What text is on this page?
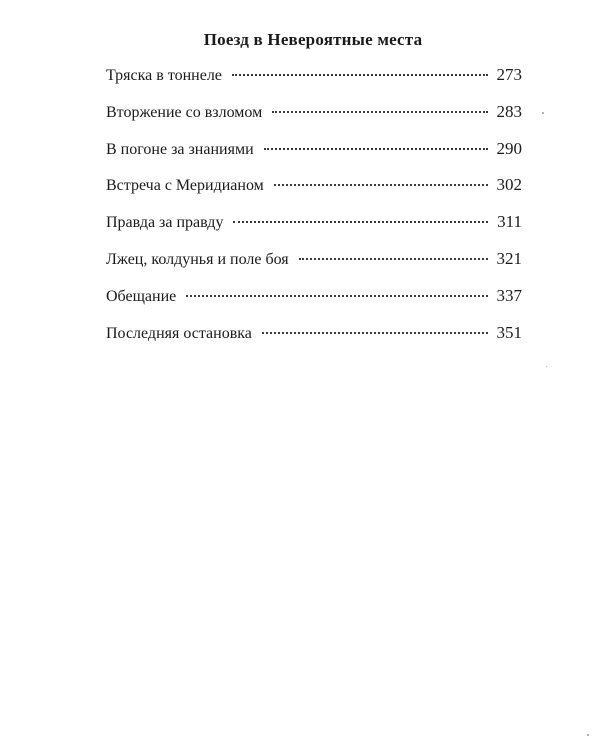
Поезд в Невероятные места
Тряска в тоннеле	273
Вторжение со взломом	283
В погоне за знаниями	290
Встреча с Меридианом	302
Правда за правду	311
Лжец, колдунья и поле боя	321
Обещание	337
Последняя остановка	351
